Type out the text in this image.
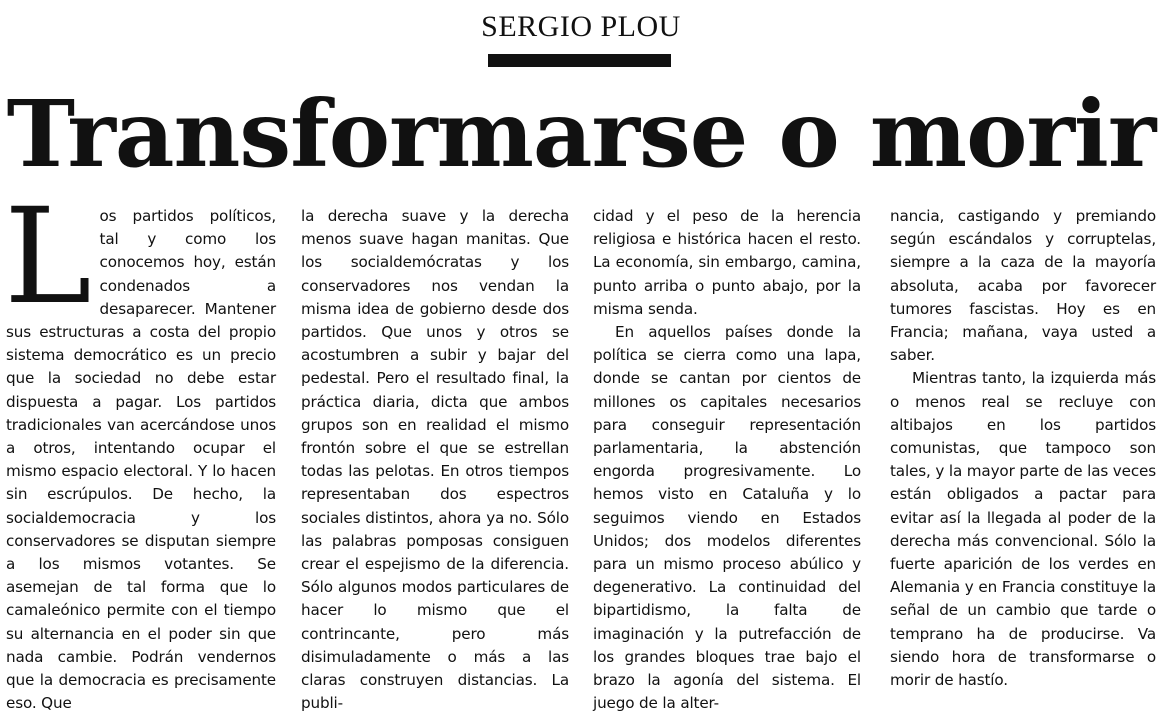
SERGIO PLOU
Transformarse o morir

Los partidos políticos, tal y como los conocemos hoy, están condenados a desaparecer. Mantener sus estructuras a costa del propio sistema democrático es un precio que la sociedad no debe estar dispuesta a pagar. Los partidos tradicionales van acercándose unos a otros, intentando ocupar el mismo espacio electoral. Y lo hacen sin escrúpulos. De hecho, la socialdemocracia y los conservadores se disputan siempre a los mismos votantes. Se asemejan de tal forma que lo camaleónico permite con el tiempo su alternancia en el poder sin que nada cambie. Podrán vendernos que la democracia es precisamente eso. Que

la derecha suave y la derecha menos suave hagan manitas. Que los socialdemócratas y los conservadores nos vendan la misma idea de gobierno desde dos partidos. Que unos y otros se acostumbren a subir y bajar del pedestal. Pero el resultado final, la práctica diaria, dicta que ambos grupos son en realidad el mismo frontón sobre el que se estrellan todas las pelotas. En otros tiempos representaban dos espectros sociales distintos, ahora ya no. Sólo las palabras pomposas consiguen crear el espejismo de la diferencia. Sólo algunos modos particulares de hacer lo mismo que el contrincante, pero más disimuladamente o más a las claras construyen distancias. La publi-

cidad y el peso de la herencia religiosa e histórica hacen el resto. La economía, sin embargo, camina, punto arriba o punto abajo, por la misma senda.

En aquellos países donde la política se cierra como una lapa, donde se cantan por cientos de millones os capitales necesarios para conseguir representación parlamentaria, la abstención engorda progresivamente. Lo hemos visto en Cataluña y lo seguimos viendo en Estados Unidos; dos modelos diferentes para un mismo proceso abúlico y degenerativo. La continuidad del bipartidismo, la falta de imaginación y la putrefacción de los grandes bloques trae bajo el brazo la agonía del sistema. El juego de la alter-

nancia, castigando y premiando según escándalos y corruptelas, siempre a la caza de la mayoría absoluta, acaba por favorecer tumores fascistas. Hoy es en Francia; mañana, vaya usted a saber.

Mientras tanto, la izquierda más o menos real se recluye con altibajos en los partidos comunistas, que tampoco son tales, y la mayor parte de las veces están obligados a pactar para evitar así la llegada al poder de la derecha más convencional. Sólo la fuerte aparición de los verdes en Alemania y en Francia constituye la señal de un cambio que tarde o temprano ha de producirse. Va siendo hora de transformarse o morir de hastío.
